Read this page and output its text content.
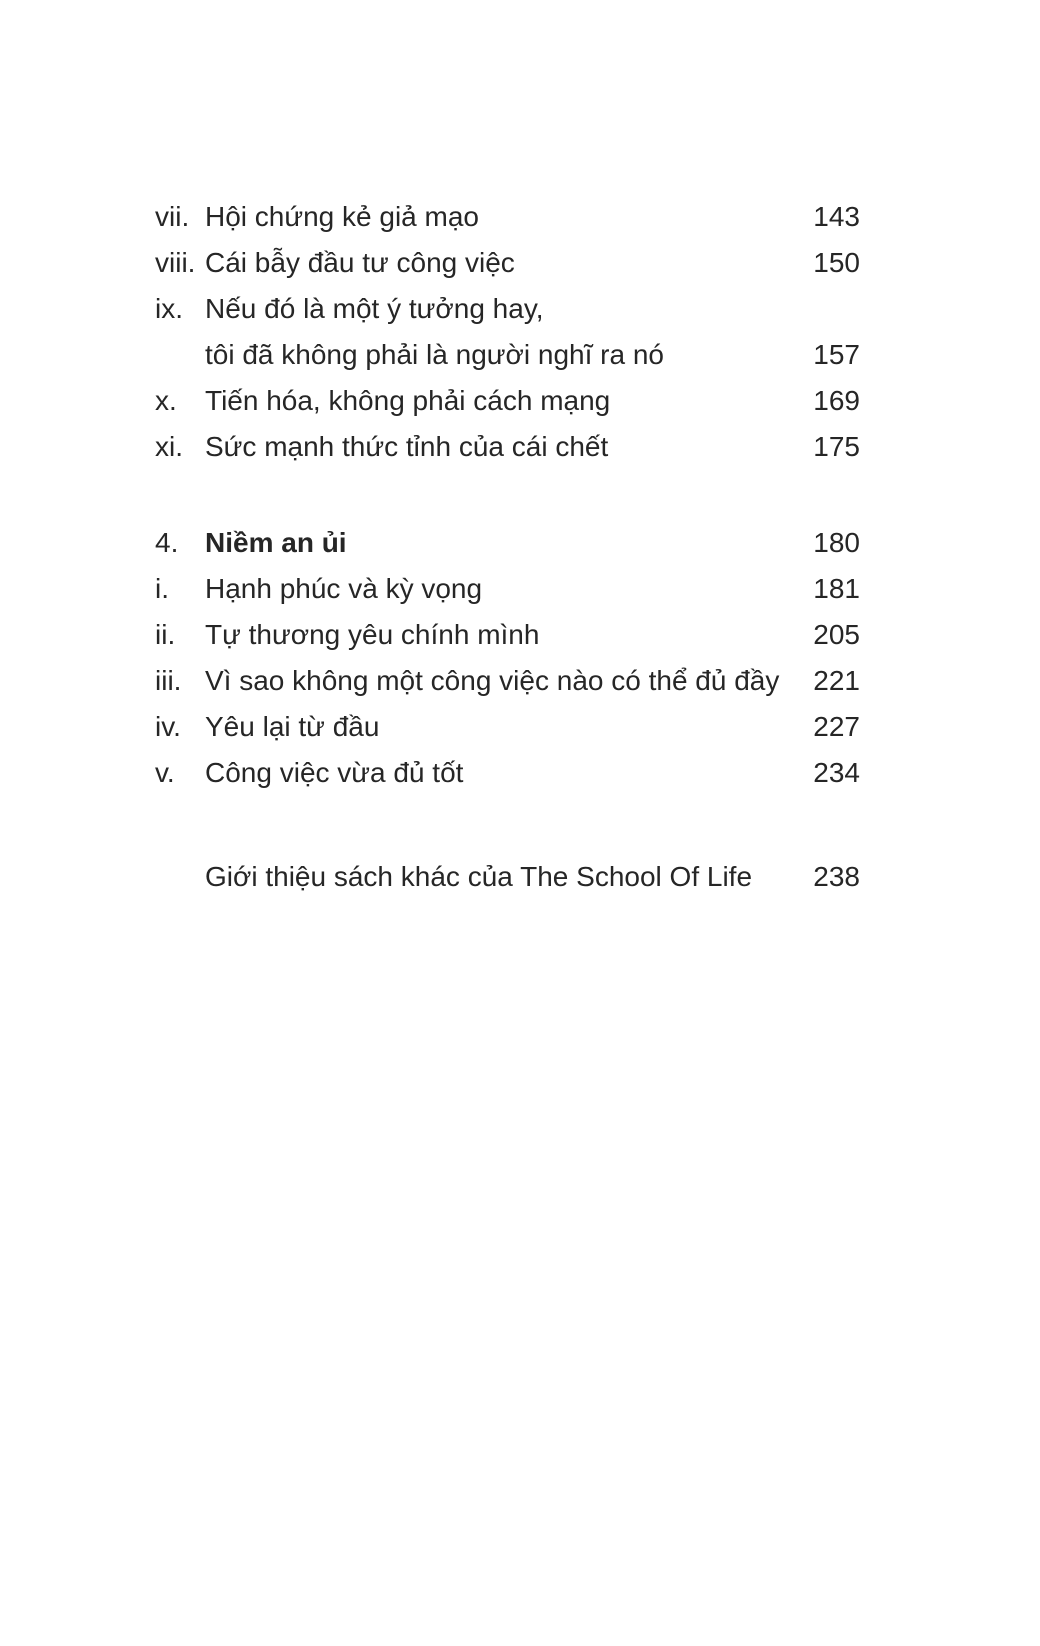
vii. Hội chứng kẻ giả mạo	143
viii. Cái bẫy đầu tư công việc	150
ix. Nếu đó là một ý tưởng hay,
tôi đã không phải là người nghĩ ra nó	157
x.	Tiến hóa, không phải cách mạng	169
xi. Sức mạnh thức tỉnh của cái chết	175
4. Niềm an ủi	180
i.	Hạnh phúc và kỳ vọng	181
ii.	Tự thương yêu chính mình	205
iii. Vì sao không một công việc nào có thể đủ đầy	221
iv. Yêu lại từ đầu	227
v.	Công việc vừa đủ tốt	234
Giới thiệu sách khác của The School Of Life	238
